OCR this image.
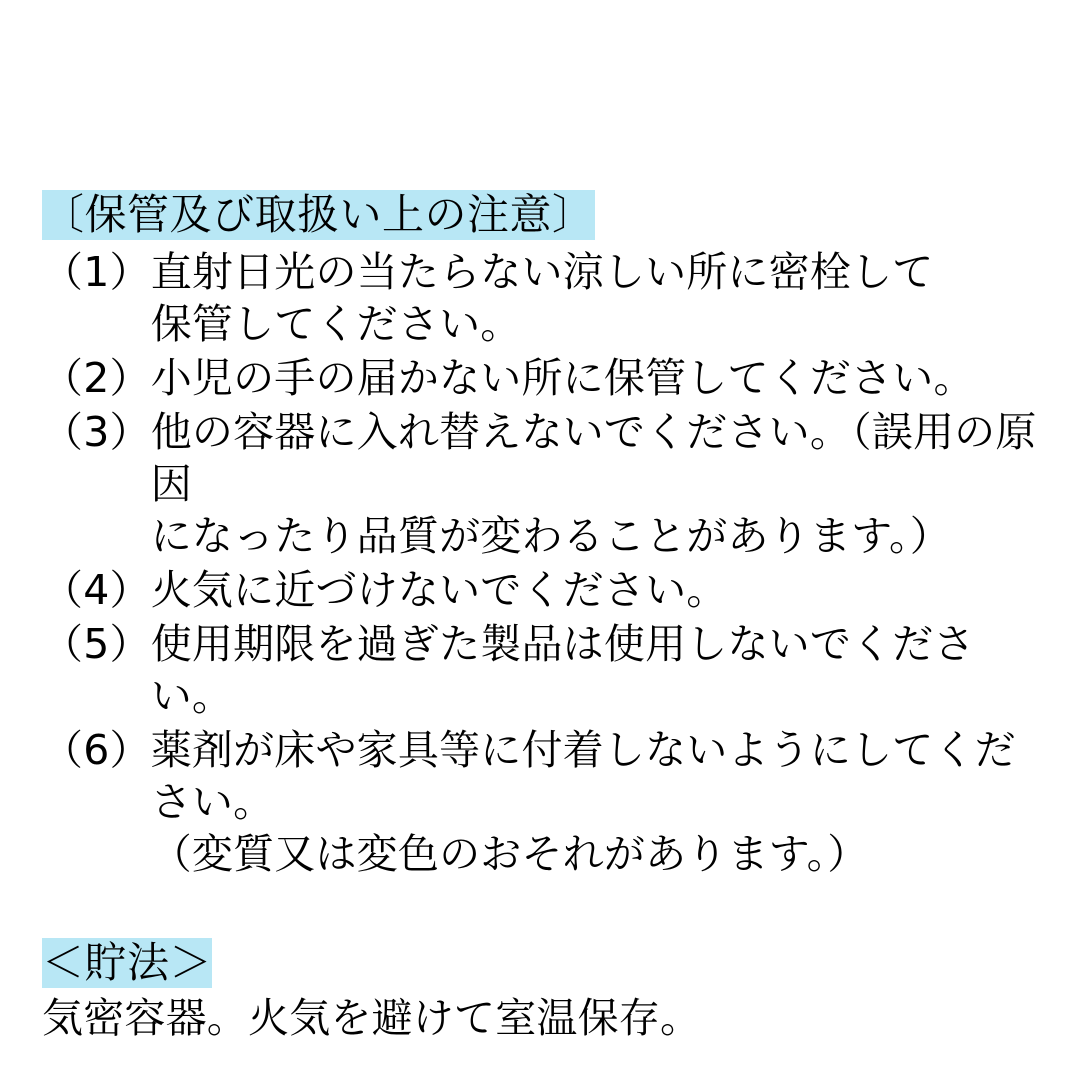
〔保管及び取扱い上の注意〕
（1） 直射日光の当たらない涼しい所に密栓して
保管してください。
（2） 小児の手の届かない所に保管してください。
（3） 他の容器に入れ替えないでください。（誤用の原因
になったり品質が変わることがあります。）
（4） 火気に近づけないでください。
（5） 使用期限を過ぎた製品は使用しないでください。
（6） 薬剤が床や家具等に付着しないようにしてください。
（変質又は変色のおそれがあります。）
＜貯法＞
気密容器。火気を避けて室温保存。
